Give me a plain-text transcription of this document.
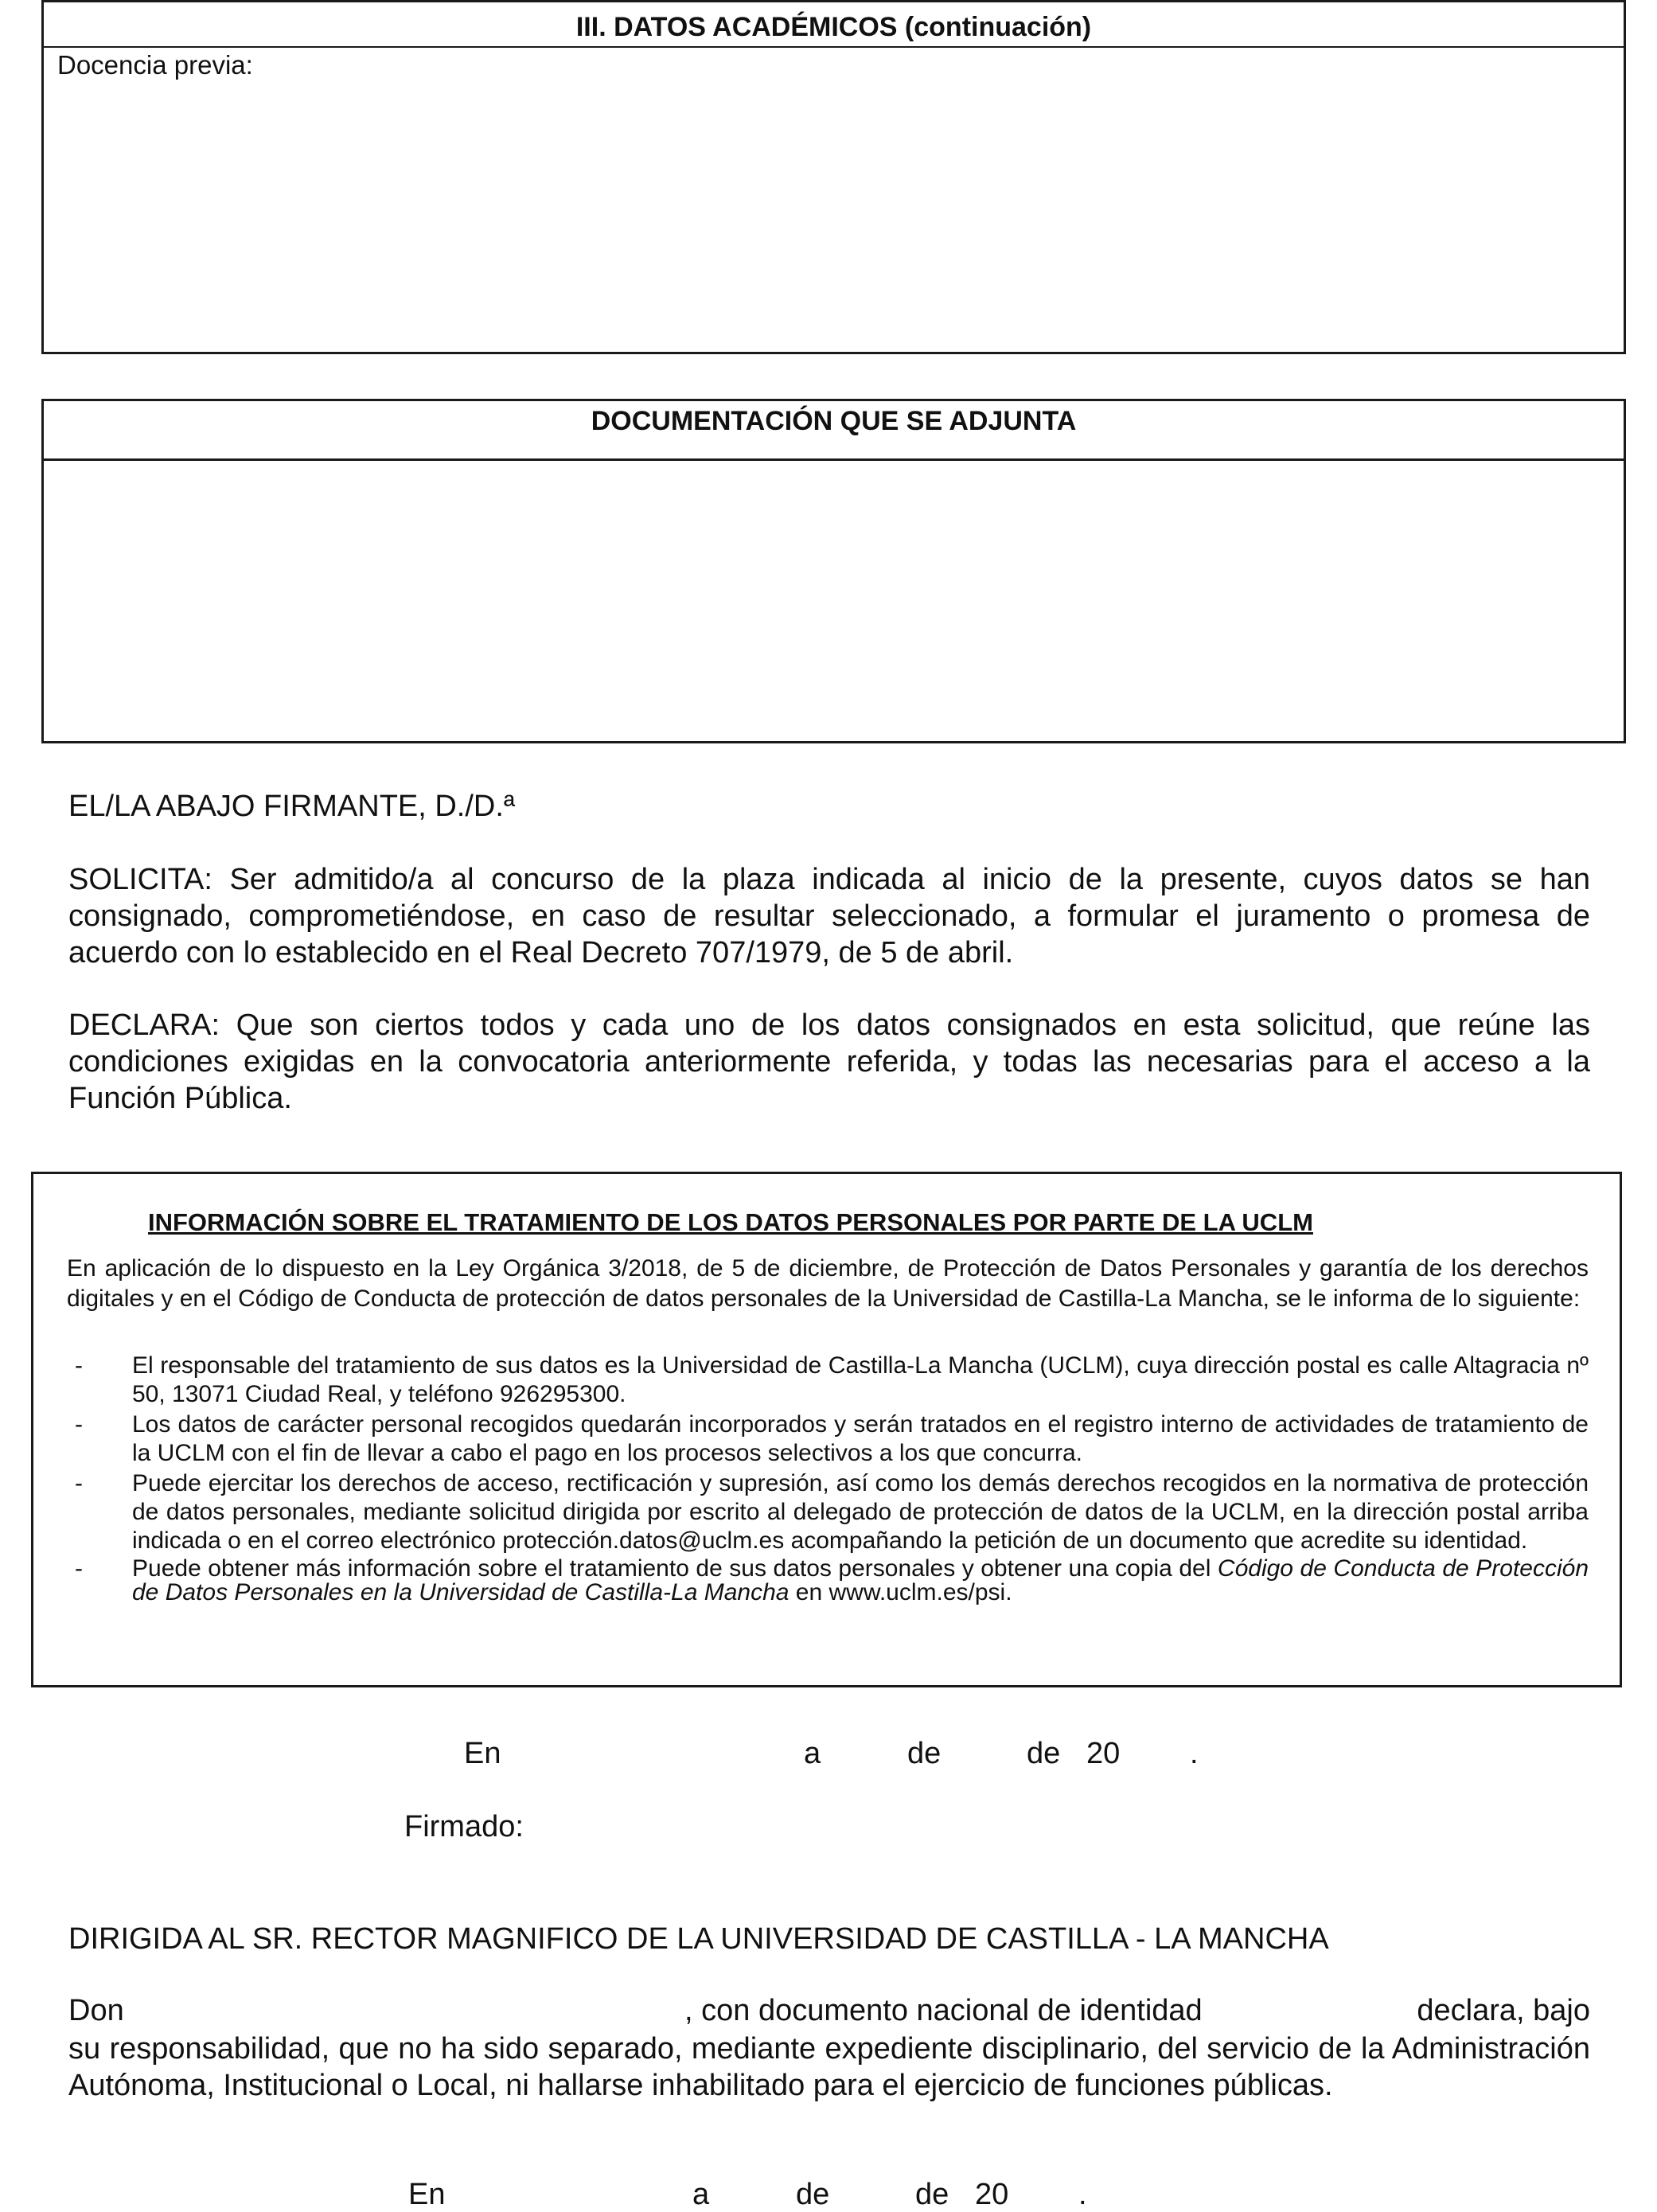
III. DATOS ACADÉMICOS (continuación)
Docencia previa:
DOCUMENTACIÓN QUE SE ADJUNTA
EL/LA ABAJO FIRMANTE, D./D.ª
SOLICITA: Ser admitido/a al concurso de la plaza indicada al inicio de la presente, cuyos datos se han consignado, comprometiéndose, en caso de resultar seleccionado, a formular el juramento o promesa de acuerdo con lo establecido en el Real Decreto 707/1979, de 5 de abril.
DECLARA: Que son ciertos todos y cada uno de los datos consignados en esta solicitud, que reúne las condiciones exigidas en la convocatoria anteriormente referida, y todas las necesarias para el acceso a la Función Pública.
INFORMACIÓN SOBRE EL TRATAMIENTO DE LOS DATOS PERSONALES POR PARTE DE LA UCLM
En aplicación de lo dispuesto en la Ley Orgánica 3/2018, de 5 de diciembre, de Protección de Datos Personales y garantía de los derechos digitales y en el Código de Conducta de protección de datos personales de la Universidad de Castilla-La Mancha, se le informa de lo siguiente:
- El responsable del tratamiento de sus datos es la Universidad de Castilla-La Mancha (UCLM), cuya dirección postal es calle Altagracia nº 50, 13071 Ciudad Real, y teléfono 926295300.
- Los datos de carácter personal recogidos quedarán incorporados y serán tratados en el registro interno de actividades de tratamiento de la UCLM con el fin de llevar a cabo el pago en los procesos selectivos a los que concurra.
- Puede ejercitar los derechos de acceso, rectificación y supresión, así como los demás derechos recogidos en la normativa de protección de datos personales, mediante solicitud dirigida por escrito al delegado de protección de datos de la UCLM, en la dirección postal arriba indicada o en el correo electrónico protección.datos@uclm.es acompañando la petición de un documento que acredite su identidad.
- Puede obtener más información sobre el tratamiento de sus datos personales y obtener una copia del Código de Conducta de Protección de Datos Personales en la Universidad de Castilla-La Mancha en www.uclm.es/psi.
En	a	de	de 20 .
Firmado:
DIRIGIDA AL SR. RECTOR MAGNIFICO DE LA UNIVERSIDAD DE CASTILLA - LA MANCHA
Don	, con documento nacional de identidad	declara, bajo
su responsabilidad, que no ha sido separado, mediante expediente disciplinario, del servicio de la Administración Autónoma, Institucional o Local, ni hallarse inhabilitado para el ejercicio de funciones públicas.
En	a	de	de 20 .
